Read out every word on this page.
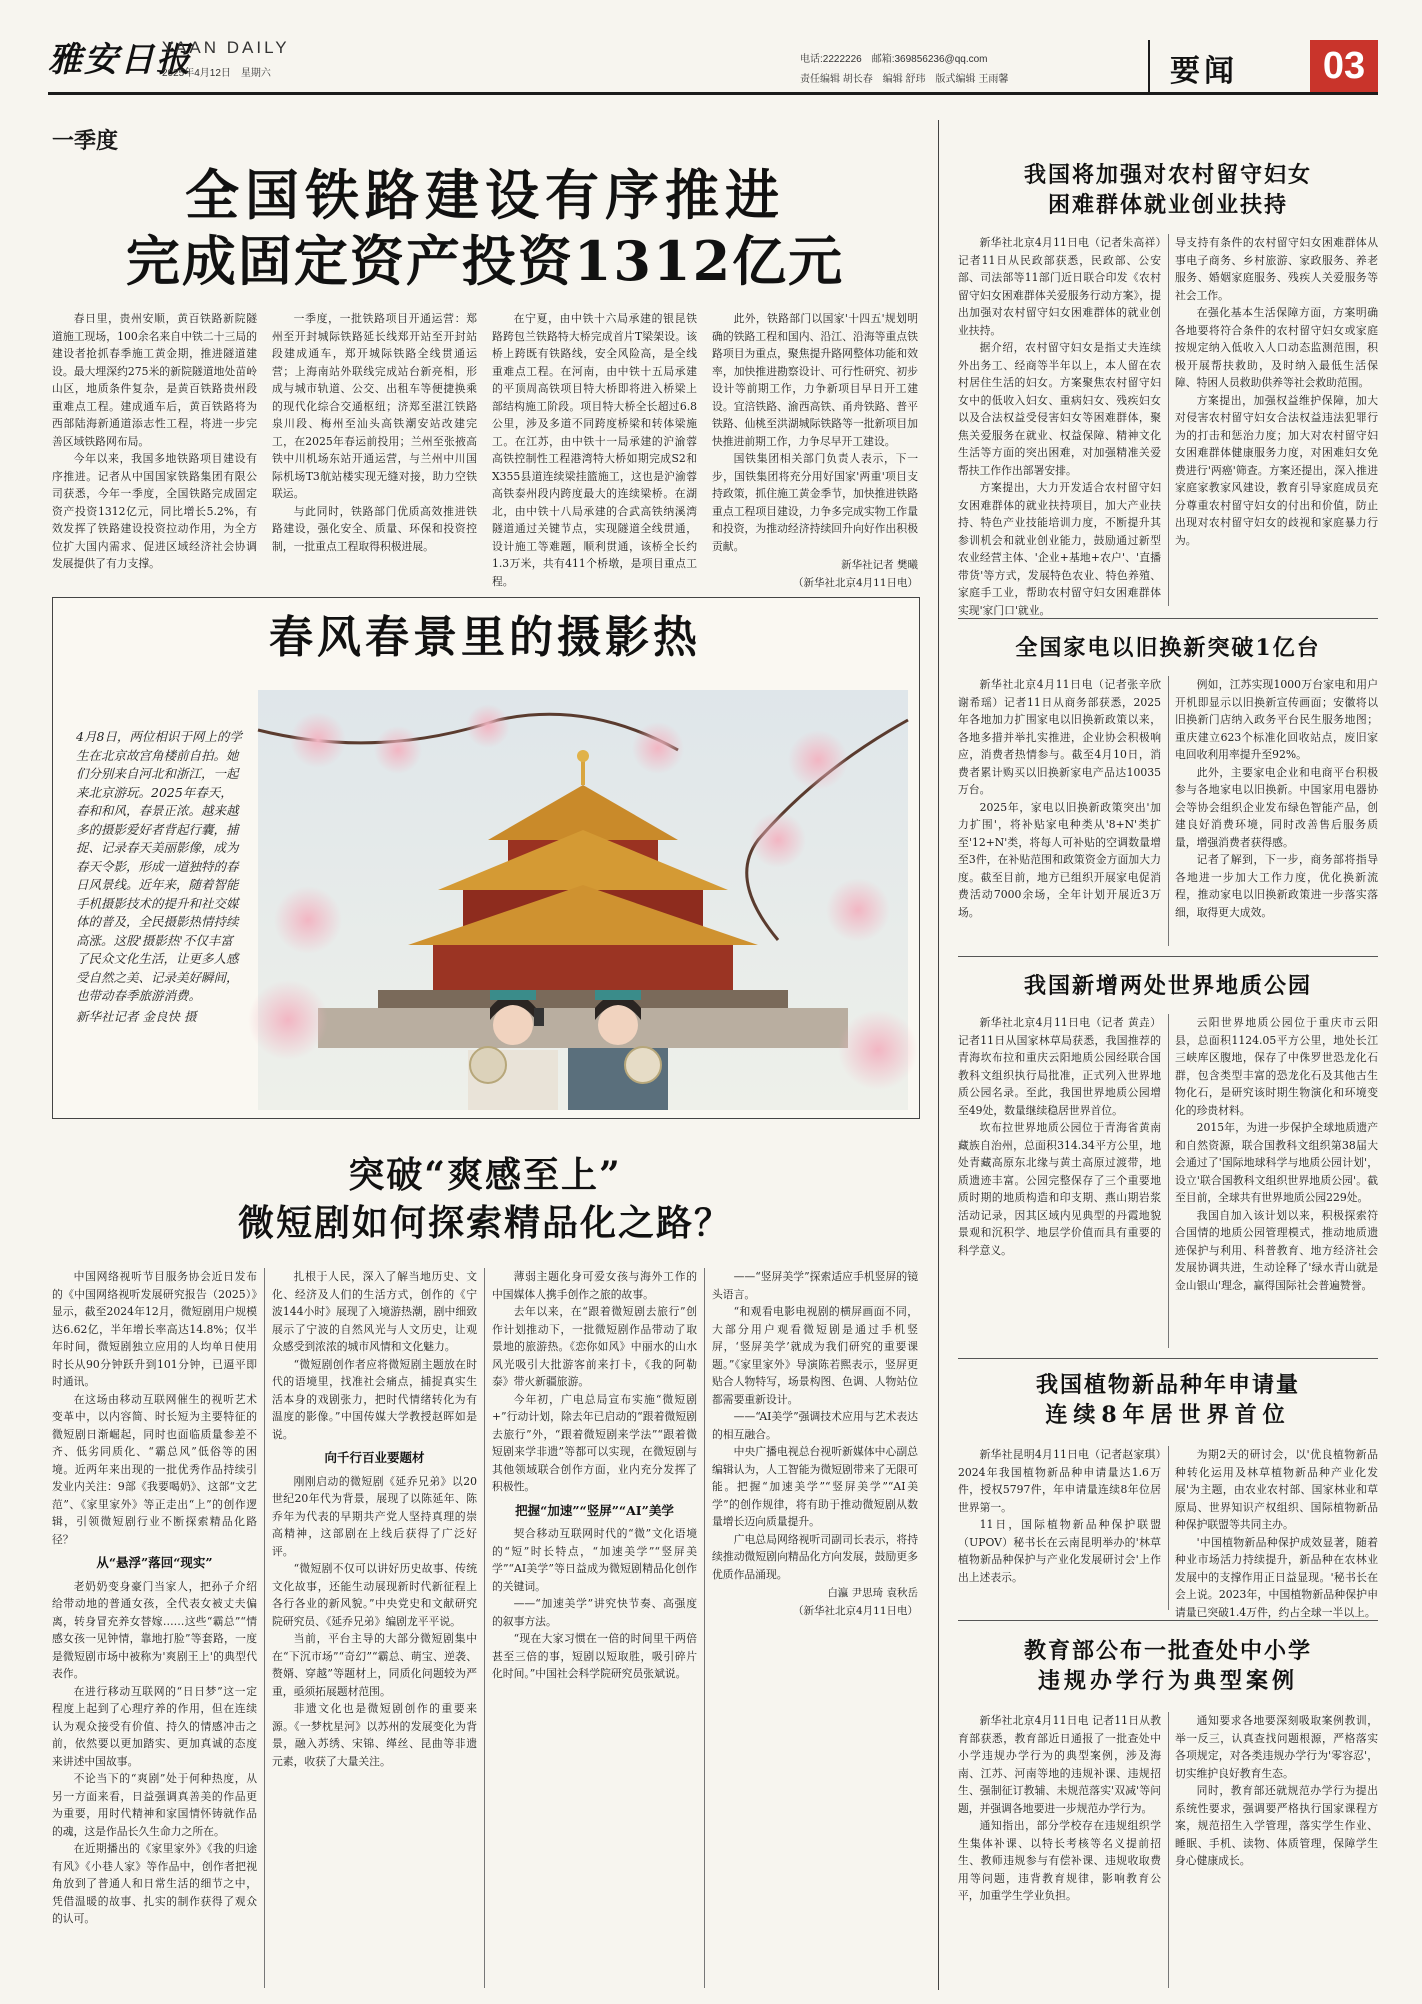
雅安日报
YAAN DAILY
2025年4月12日　星期六
电话:2222226　邮箱:369856236@qq.com
责任编辑 胡长春　编辑 舒玮　版式编辑 王雨馨	要闻	03
一季度
全国铁路建设有序推进
完成固定资产投资1312亿元

春日里，贵州安顺，黄百铁路新院隧道施工现场，100余名来自中铁二十三局的建设者抢抓春季施工黄金期，推进隧道建设。最大埋深约275米的新院隧道地处苗岭山区，地质条件复杂，是黄百铁路贵州段重难点工程。建成通车后，黄百铁路将为西部陆海新通道添志性工程，将进一步完善区域铁路网布局。

今年以来，我国多地铁路项目建设有序推进。记者从中国国家铁路集团有限公司获悉，今年一季度，全国铁路完成固定资产投资1312亿元，同比增长5.2%，有效发挥了铁路建设投资拉动作用，为全方位扩大国内需求、促进区域经济社会协调发展提供了有力支撑。

一季度，一批铁路项目开通运营：郑州至开封城际铁路延长线郑开站至开封站段建成通车，郑开城际铁路全线贯通运营；上海南站外联线完成站台新亮相，形成与城市轨道、公交、出租车等便捷换乘的现代化综合交通枢纽；济郑至湛江铁路泉川段、梅州至汕头高铁潮安站改建完工，在2025年春运前投用；兰州至张掖高铁中川机场东站开通运营，与兰州中川国际机场T3航站楼实现无缝对接，助力空铁联运。

与此同时，铁路部门优质高效推进铁路建设，强化安全、质量、环保和投资控制，一批重点工程取得积极进展。

在宁夏，由中铁十六局承建的银昆铁路跨包兰铁路特大桥完成首片T梁架设。该桥上跨既有铁路线，安全风险高，是全线重难点工程。在河南，由中铁十五局承建的平顶周高铁项目特大桥即将进入桥梁上部结构施工阶段。项目特大桥全长超过6.8公里，涉及多道不同跨度桥梁和转体梁施工。在江苏，由中铁十一局承建的沪渝蓉高铁控制性工程港湾特大桥如期完成S2和X355县道连续梁挂篮施工，这也是沪渝蓉高铁泰州段内跨度最大的连续梁桥。在湖北，由中铁十八局承建的合武高铁纳溪湾隧道通过关键节点，实现隧道全线贯通，设计施工等难题，顺利贯通，该桥全长约1.3万米，共有411个桥墩，是项目重点工程。

此外，铁路部门以国家'十四五'规划明确的铁路工程和国内、沿江、沿海等重点铁路项目为重点，聚焦提升路网整体功能和效率，加快推进勘察设计、可行性研究、初步设计等前期工作，力争新项目早日开工建设。宜涪铁路、渝西高铁、甬舟铁路、普平铁路、仙桃至洪湖城际铁路等一批新项目加快推进前期工作，力争尽早开工建设。

国铁集团相关部门负责人表示，下一步，国铁集团将充分用好国家'两重'项目支持政策，抓住施工黄金季节，加快推进铁路重点工程项目建设，力争多完成实物工作量和投资，为推动经济持续回升向好作出积极贡献。

新华社记者 樊曦
（新华社北京4月11日电）
春风春景里的摄影热
4月8日，两位相识于网上的学生在北京故宫角楼前自拍。她们分别来自河北和浙江，一起来北京游玩。2025年春天，春和和风，春景正浓。越来越多的摄影爱好者背起行囊，捕捉、记录春天美丽影像，成为春天令影，形成一道独特的春日风景线。近年来，随着智能手机摄影技术的提升和社交媒体的普及，全民摄影热情持续高涨。这股'摄影热'不仅丰富了民众文化生活，让更多人感受自然之美、记录美好瞬间，也带动春季旅游消费。
新华社记者 金良快 摄
突破“爽感至上”
微短剧如何探索精品化之路？

中国网络视听节目服务协会近日发布的《中国网络视听发展研究报告（2025）》显示，截至2024年12月，微短剧用户规模达6.62亿，半年增长率高达14.8%；仅半年时间，微短剧独立应用的人均单日使用时长从90分钟跃升到101分钟，已逼平即时通讯。

在这场由移动互联网催生的视听艺术变革中，以内容简、时长短为主要特征的微短剧日渐崛起，同时也面临质量参差不齐、低劣同质化、“霸总风”低俗等的困境。近两年来出现的一批优秀作品持续引发业内关注：9部《我要喝奶》、这部“文艺范”、《家里家外》等正走出“上”的创作逻辑，引领微短剧行业不断探索精品化路径？

从“悬浮”落回“现实”

老奶奶变身豪门当家人，把孙子介绍给带动地的普通女孩，全代表女被丈夫偏离，转身冒充养女替嫁……这些“霸总”“情感女孩一见钟情，靠地打脸”等套路，一度是微短剧市场中被称为'爽剧王上'的典型代表作。

在进行移动互联网的“日日梦”这一定程度上起到了心理疗养的作用，但在连续认为观众接受有价值、持久的情感冲击之前，依然要以更加踏实、更加真诚的态度来讲述中国故事。

不论当下的“爽剧”处于何种热度，从另一方面来看，日益强调真善美的作品更为重要，用时代精神和家国情怀铸就作品的魂，这是作品长久生命力之所在。

在近期播出的《家里家外》《我的归途有风》《小巷人家》等作品中，创作者把视角放到了普通人和日常生活的细节之中，凭借温暖的故事、扎实的制作获得了观众的认可。

扎根于人民，深入了解当地历史、文化、经济及人们的生活方式，创作的《宁波144小时》展现了入境游热潮，剧中细致展示了宁波的自然风光与人文历史，让观众感受到浓浓的城市风情和文化魅力。

“微短剧创作者应将微短剧主题放在时代的语境里，找准社会痛点，捕捉真实生活本身的戏剧张力，把时代情绪转化为有温度的影像。”中国传媒大学教授赵晖如是说。

向千行百业要题材

刚刚启动的微短剧《延乔兄弟》以20世纪20年代为背景，展现了以陈延年、陈乔年为代表的早期共产党人坚持真理的崇高精神，这部剧在上线后获得了广泛好评。

“微短剧不仅可以讲好历史故事、传统文化故事，还能生动展现新时代新征程上各行各业的新风貌。”中央党史和文献研究院研究员、《延乔兄弟》编剧龙平平说。

当前，平台主导的大部分微短剧集中在“下沉市场”“奇幻”“霸总、萌宝、逆袭、赘婿、穿越”等题材上，同质化问题较为严重，亟须拓展题材范围。

非遗文化也是微短剧创作的重要来源。《一梦枕星河》以苏州的发展变化为背景，融入苏绣、宋锦、缂丝、昆曲等非遗元素，收获了大量关注。

薄弱主题化身可爱女孩与海外工作的中国媒体人携手创作之旅的故事。

去年以来，在“跟着微短剧去旅行”创作计划推动下，一批微短剧作品带动了取景地的旅游热。《恋你如风》中丽水的山水风光吸引大批游客前来打卡，《我的阿勒泰》带火新疆旅游。

今年初，广电总局宣布实施“微短剧+”行动计划，除去年已启动的“跟着微短剧去旅行”外，“跟着微短剧来学法”“跟着微短剧来学非遗”等都可以实现，在微短剧与其他领域联合创作方面，业内充分发挥了积极性。

把握“加速”“竖屏”“AI”美学

契合移动互联网时代的“微”文化语境的“短”时长特点，“加速美学”“竖屏美学”“AI美学”等日益成为微短剧精品化创作的关键词。

——“加速美学”讲究快节奏、高强度的叙事方法。

“现在大家习惯在一倍的时间里干两倍甚至三倍的事，短剧以短取胜，吸引碎片化时间。”中国社会科学院研究员张斌说。

——“竖屏美学”探索适应手机竖屏的镜头语言。

“和观看电影电视剧的横屏画面不同，大部分用户观看微短剧是通过手机竖屏，‘竖屏美学’就成为我们研究的重要课题。”《家里家外》导演陈若熙表示，竖屏更贴合人物特写，场景构图、色调、人物站位都需要重新设计。

——“AI美学”强调技术应用与艺术表达的相互融合。

中央广播电视总台视听新媒体中心副总编辑认为，人工智能为微短剧带来了无限可能。把握“加速美学”“竖屏美学”“AI美学”的创作规律，将有助于推动微短剧从数量增长迈向质量提升。

广电总局网络视听司副司长表示，将持续推动微短剧向精品化方向发展，鼓励更多优质作品涌现。

白瀛 尹思琦 袁秋岳
（新华社北京4月11日电）
我国将加强对农村留守妇女
困难群体就业创业扶持

新华社北京4月11日电（记者朱高祥）记者11日从民政部获悉，民政部、公安部、司法部等11部门近日联合印发《农村留守妇女困难群体关爱服务行动方案》，提出加强对农村留守妇女困难群体的就业创业扶持。

据介绍，农村留守妇女是指丈夫连续外出务工、经商等半年以上，本人留在农村居住生活的妇女。方案聚焦农村留守妇女中的低收入妇女、重病妇女、残疾妇女以及合法权益受侵害妇女等困难群体，聚焦关爱服务在就业、权益保障、精神文化生活等方面的突出困难，对加强精准关爱帮扶工作作出部署安排。

方案提出，大力开发适合农村留守妇女困难群体的就业扶持项目，加大产业扶持、特色产业技能培训力度，不断提升其参训机会和就业创业能力，鼓励通过新型农业经营主体、'企业+基地+农户'、'直播带货'等方式，发展特色农业、特色养殖、家庭手工业，帮助农村留守妇女困难群体实现'家门口'就业。

导支持有条件的农村留守妇女困难群体从事电子商务、乡村旅游、家政服务、养老服务、婚姻家庭服务、残疾人关爱服务等社会工作。

在强化基本生活保障方面，方案明确各地要将符合条件的农村留守妇女或家庭按规定纳入低收入人口动态监测范围，积极开展帮扶救助，及时纳入最低生活保障、特困人员救助供养等社会救助范围。

方案提出，加强权益维护保障，加大对侵害农村留守妇女合法权益违法犯罪行为的打击和惩治力度；加大对农村留守妇女困难群体健康服务力度，对困难妇女免费进行'两癌'筛查。方案还提出，深入推进家庭家教家风建设，教育引导家庭成员充分尊重农村留守妇女的付出和价值，防止出现对农村留守妇女的歧视和家庭暴力行为。

全国家电以旧换新突破1亿台

新华社北京4月11日电（记者张辛欣 谢希瑶）记者11日从商务部获悉，2025年各地加力扩围家电以旧换新政策以来，各地多措并举扎实推进，企业协会积极响应，消费者热情参与。截至4月10日，消费者累计购买以旧换新家电产品达10035万台。

2025年，家电以旧换新政策突出'加力扩围'，将补贴家电种类从'8+N'类扩至'12+N'类，将每人可补贴的空调数量增至3件，在补贴范围和政策资金方面加大力度。截至目前，地方已组织开展家电促消费活动7000余场，全年计划开展近3万场。

例如，江苏实现1000万台家电和用户开机即显示以旧换新宣传画面；安徽将以旧换新门店纳入政务平台民生服务地图；重庆建立623个标准化回收站点，废旧家电回收利用率提升至92%。

此外，主要家电企业和电商平台积极参与各地家电以旧换新。中国家用电器协会等协会组织企业发布绿色智能产品，创建良好消费环境，同时改善售后服务质量，增强消费者获得感。

记者了解到，下一步，商务部将指导各地进一步加大工作力度，优化换新流程，推动家电以旧换新政策进一步落实落细，取得更大成效。

我国新增两处世界地质公园

新华社北京4月11日电（记者 黄垚）记者11日从国家林草局获悉，我国推荐的青海坎布拉和重庆云阳地质公园经联合国教科文组织执行局批准，正式列入世界地质公园名录。至此，我国世界地质公园增至49处，数量继续稳居世界首位。

坎布拉世界地质公园位于青海省黄南藏族自治州，总面积314.34平方公里，地处青藏高原东北缘与黄土高原过渡带，地质遗迹丰富。公园完整保存了三个重要地质时期的地质构造和印支期、燕山期岩浆活动记录，因其区域内见典型的丹霞地貌景观和沉积学、地层学价值而具有重要的科学意义。

云阳世界地质公园位于重庆市云阳县，总面积1124.05平方公里，地处长江三峡库区腹地，保存了中侏罗世恐龙化石群，包含类型丰富的恐龙化石及其他古生物化石，是研究该时期生物演化和环境变化的珍贵材料。

2015年，为进一步保护全球地质遗产和自然资源，联合国教科文组织第38届大会通过了'国际地球科学与地质公园计划'，设立'联合国教科文组织世界地质公园'。截至目前，全球共有世界地质公园229处。

我国自加入该计划以来，积极探索符合国情的地质公园管理模式，推动地质遗迹保护与利用、科普教育、地方经济社会发展协调共进，生动诠释了'绿水青山就是金山银山'理念，赢得国际社会普遍赞誉。

我国植物新品种年申请量
连续8年居世界首位

新华社昆明4月11日电（记者赵家琪）2024年我国植物新品种申请量达1.6万件，授权5797件，年申请量连续8年位居世界第一。

11日，国际植物新品种保护联盟（UPOV）秘书长在云南昆明举办的'林草植物新品种保护与产业化发展研讨会'上作出上述表示。

为期2天的研讨会，以'优良植物新品种转化运用及林草植物新品种产业化发展'为主题，由农业农村部、国家林业和草原局、世界知识产权组织、国际植物新品种保护联盟等共同主办。

'中国植物新品种保护成效显著，随着种业市场活力持续提升，新品种在农林业发展中的支撑作用正日益显现。'秘书长在会上说。2023年，中国植物新品种保护申请量已突破1.4万件，约占全球一半以上。

教育部公布一批查处中小学
违规办学行为典型案例

新华社北京4月11日电 记者11日从教育部获悉，教育部近日通报了一批查处中小学违规办学行为的典型案例，涉及海南、江苏、河南等地的违规补课、违规招生、强制征订教辅、未规范落实'双减'等问题，并强调各地要进一步规范办学行为。

通知指出，部分学校存在违规组织学生集体补课、以特长考核等名义提前招生、教师违规参与有偿补课、违规收取费用等问题，违背教育规律，影响教育公平，加重学生学业负担。

通知要求各地要深刻吸取案例教训，举一反三，认真查找问题根源，严格落实各项规定，对各类违规办学行为'零容忍'，切实维护良好教育生态。

同时，教育部还就规范办学行为提出系统性要求，强调要严格执行国家课程方案，规范招生入学管理，落实学生作业、睡眠、手机、读物、体质管理，保障学生身心健康成长。
